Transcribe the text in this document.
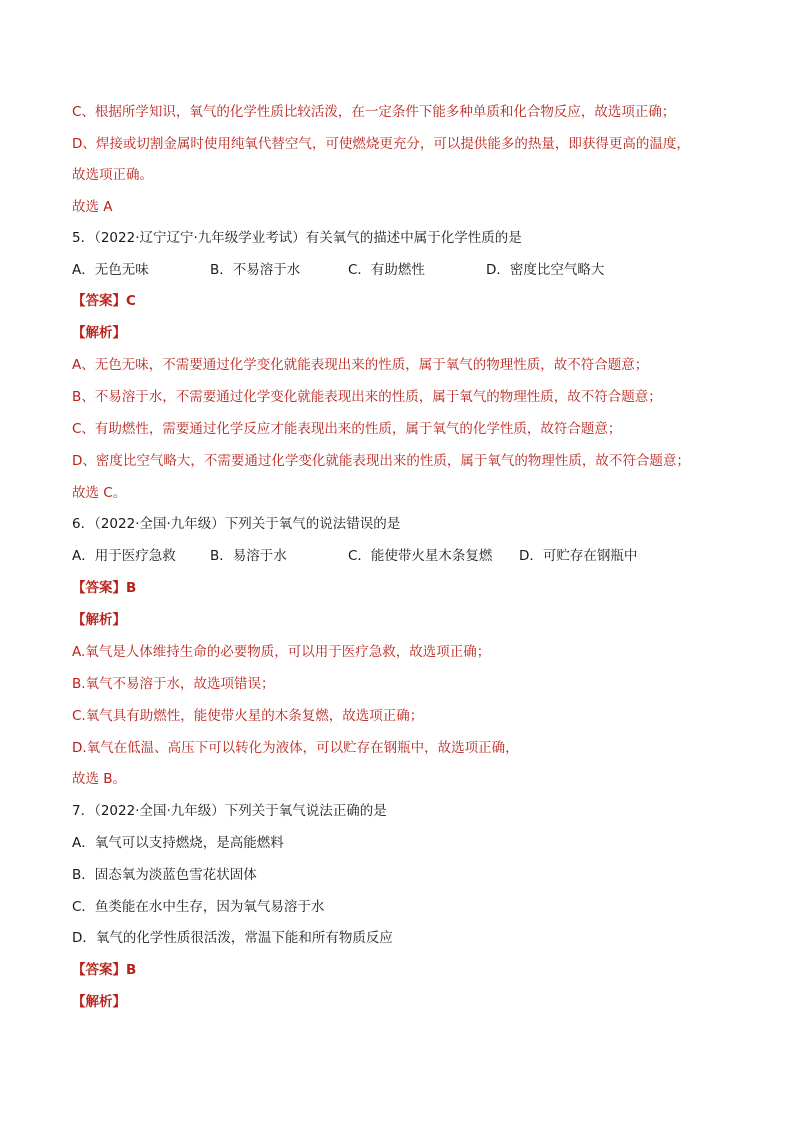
C、根据所学知识，氧气的化学性质比较活泼，在一定条件下能多种单质和化合物反应，故选项正确；
D、焊接或切割金属时使用纯氧代替空气，可使燃烧更充分，可以提供能多的热量，即获得更高的温度，
故选项正确。
故选 A
5．（2022·辽宁辽宁·九年级学业考试）有关氧气的描述中属于化学性质的是
A．无色无味	B．不易溶于水	C．有助燃性	D．密度比空气略大
【答案】C
【解析】
A、无色无味，不需要通过化学变化就能表现出来的性质，属于氧气的物理性质，故不符合题意；
B、不易溶于水，不需要通过化学变化就能表现出来的性质，属于氧气的物理性质，故不符合题意；
C、有助燃性，需要通过化学反应才能表现出来的性质，属于氧气的化学性质，故符合题意；
D、密度比空气略大，不需要通过化学变化就能表现出来的性质，属于氧气的物理性质，故不符合题意；
故选 C。
6．（2022·全国·九年级）下列关于氧气的说法错误的是
A．用于医疗急救	B．易溶于水	C．能使带火星木条复燃 D．可贮存在钢瓶中
【答案】B
【解析】
A.氧气是人体维持生命的必要物质，可以用于医疗急救，故选项正确；
B.氧气不易溶于水，故选项错误；
C.氧气具有助燃性，能使带火星的木条复燃，故选项正确；
D.氧气在低温、高压下可以转化为液体，可以贮存在钢瓶中，故选项正确，
故选 B。
7．（2022·全国·九年级）下列关于氧气说法正确的是
A．氧气可以支持燃烧，是高能燃料
B．固态氧为淡蓝色雪花状固体
C．鱼类能在水中生存，因为氧气易溶于水
D．氧气的化学性质很活泼，常温下能和所有物质反应
【答案】B
【解析】
